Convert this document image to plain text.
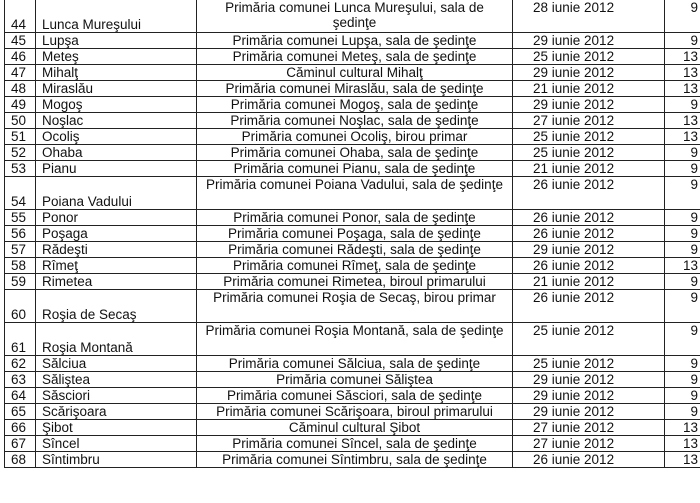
44	Lunca Mureşului	Primăria comunei Lunca Mureşului, sala de şedinţe	28 iunie 2012	9
45	Lupşa	Primăria comunei Lupşa, sala de şedinţe	29 iunie 2012	9
46	Meteş	Primăria comunei Meteş, sala de şedinţe	25 iunie 2012	13
47	Mihalţ	Căminul cultural Mihalţ	29 iunie 2012	13
48	Miraslău	Primăria comunei Miraslău, sala de şedinţe	21 iunie 2012	13
49	Mogoş	Primăria comunei Mogoş, sala de şedinţe	29 iunie 2012	9
50	Noşlac	Primăria comunei Noşlac, sala de şedinţe	27 iunie 2012	13
51	Ocoliş	Primăria comunei Ocoliş, birou primar	25 iunie 2012	13
52	Ohaba	Primăria comunei Ohaba, sala de şedinţe	25 iunie 2012	9
53	Pianu	Primăria comunei Pianu, sala de şedinţe	21 iunie 2012	9
54	Poiana Vadului	Primăria comunei Poiana Vadului, sala de şedinţe	26 iunie 2012	9
55	Ponor	Primăria comunei Ponor, sala de şedinţe	26 iunie 2012	9
56	Poşaga	Primăria comunei Poşaga, sala de şedinţe	26 iunie 2012	9
57	Rădeşti	Primăria comunei Rădeşti, sala de şedinţe	29 iunie 2012	9
58	Rîmeţ	Primăria comunei Rîmeţ, sala de şedinţe	26 iunie 2012	13
59	Rimetea	Primăria comunei Rimetea, biroul primarului	21 iunie 2012	9
60	Roşia de Secaş	Primăria comunei Roşia de Secaş, birou primar	26 iunie 2012	9
61	Roşia Montană	Primăria comunei Roşia Montană, sala de şedinţe	25 iunie 2012	9
62	Sălciua	Primăria comunei Sălciua, sala de şedinţe	25 iunie 2012	9
63	Săliştea	Primăria comunei Săliştea	29 iunie 2012	9
64	Săsciori	Primăria comunei Săsciori, sala de şedinţe	29 iunie 2012	9
65	Scărişoara	Primăria comunei Scărişoara, biroul primarului	29 iunie 2012	9
66	Şibot	Căminul cultural Şibot	27 iunie 2012	13
67	Sîncel	Primăria comunei Sîncel, sala de şedinţe	27 iunie 2012	13
68	Sîntimbru	Primăria comunei Sîntimbru, sala de şedinţe	26 iunie 2012	13
